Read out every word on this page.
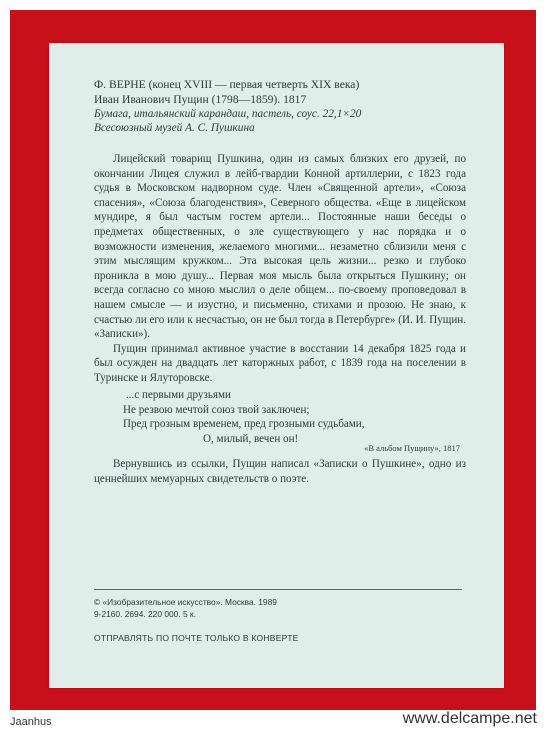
Ф. ВЕРНЕ (конец XVIII — первая четверть XIX века)
Иван Иванович Пущин (1798—1859). 1817
Бумага, итальянский карандаш, пастель, соус. 22,1×20
Всесоюзный музей А. С. Пушкина

Лицейский товарищ Пушкина, один из самых близких его друзей, по окончании Лицея служил в лейб-гвардии Конной артиллерии, с 1823 года судья в Московском надворном суде. Член «Священной артели», «Союза спасения», «Союза благоденствия», Северного общества. «Еще в лицейском мундире, я был частым гостем артели... Постоянные наши беседы о предметах общественных, о зле существующего у нас порядка и о возможности изменения, желаемого многими... незаметно сблизили меня с этим мыслящим кружком... Эта высокая цель жизни... резко и глубоко проникла в мою душу... Первая моя мысль была открыться Пушкину; он всегда согласно со мною мыслил о деле общем... по-своему проповедовал в нашем смысле — и изустно, и письменно, стихами и прозою. Не знаю, к счастью ли его или к несчастью, он не был тогда в Петербурге» (И. И. Пущин. «Записки»).

Пущин принимал активное участие в восстании 14 декабря 1825 года и был осужден на двадцать лет каторжных работ, с 1839 года на поселении в Туринске и Ялуторовске.

...с первыми друзьями
Не резвою мечтой союз твой заключен;
Пред грозным временем, пред грозными судьбами,
О, милый, вечен он!
«В альбом Пущину», 1817

Вернувшись из ссылки, Пущин написал «Записки о Пушкине», одно из ценнейших мемуарных свидетельств о поэте.

© «Изобразительное искусство». Москва. 1989
9-2160. 2694. 220 000. 5 к.
ОТПРАВЛЯТЬ ПО ПОЧТЕ ТОЛЬКО В КОНВЕРТЕ
Jaanhus	www.delcampe.net
